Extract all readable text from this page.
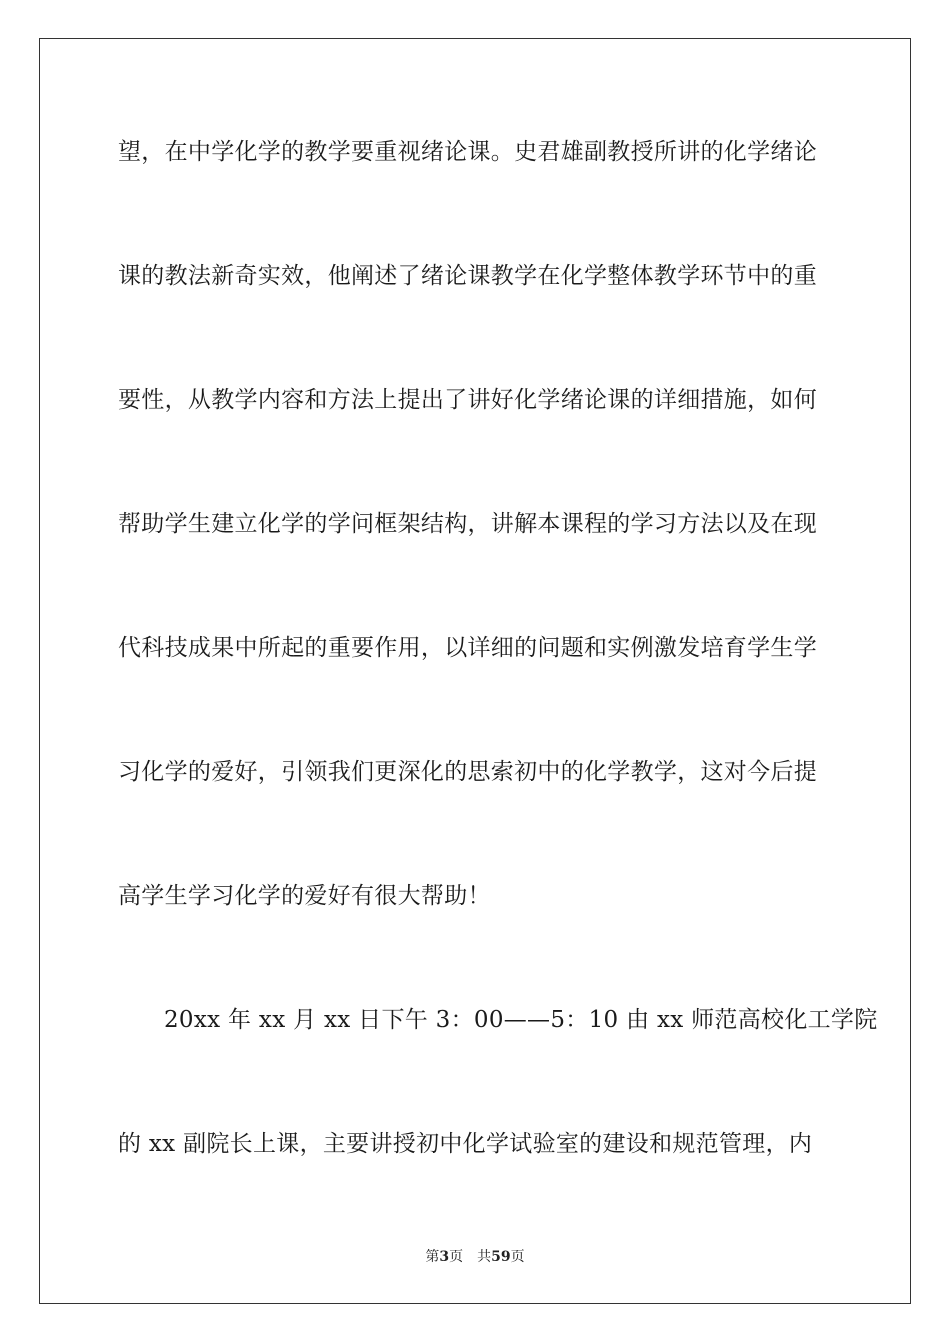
望，在中学化学的教学要重视绪论课。史君雄副教授所讲的化学绪论
课的教法新奇实效，他阐述了绪论课教学在化学整体教学环节中的重
要性，从教学内容和方法上提出了讲好化学绪论课的详细措施，如何
帮助学生建立化学的学问框架结构，讲解本课程的学习方法以及在现
代科技成果中所起的重要作用，以详细的问题和实例激发培育学生学
习化学的爱好，引领我们更深化的思索初中的化学教学，这对今后提
高学生学习化学的爱好有很大帮助！
20xx 年 xx 月 xx 日下午 3：00——5：10 由 xx 师范高校化工学院
的 xx 副院长上课，主要讲授初中化学试验室的建设和规范管理，内
第3页 共59页
